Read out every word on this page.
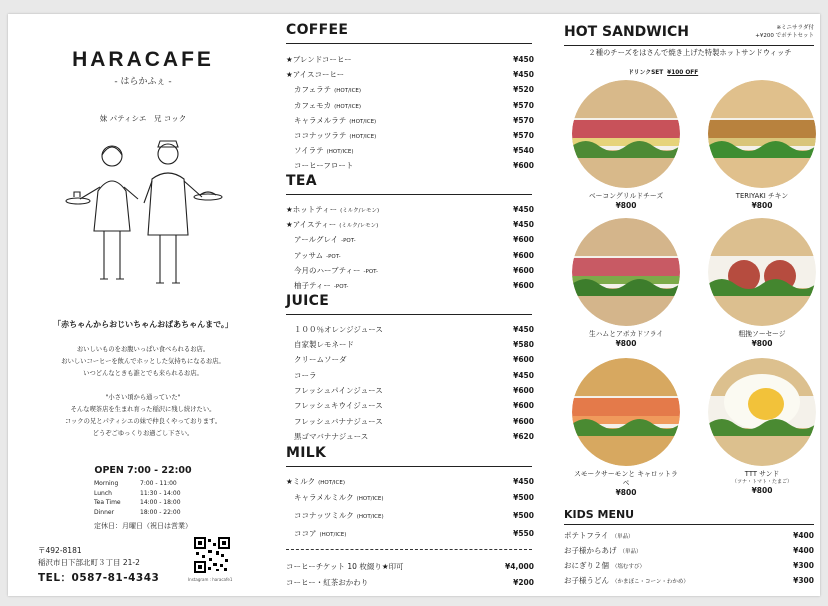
HARACAFE
- はらかふぇ -
妹 パティシエ　兄 コック
「赤ちゃんからおじいちゃんおばあちゃんまで。」
おいしいものをお腹いっぱい食べられるお店。
おいしいコーヒーを飲んでホッとした気持ちになるお店。
いつどんなときも誰とでも来られるお店。
"小さい頃から通っていた"
そんな喫茶店を生まれ育った稲沢に残し続けたい。
コックの兄とパティシエの妹で仲良くやっております。
どうぞごゆっくりお過ごし下さい。
OPEN 7:00 - 22:00
Morning	7:00 - 11:00
Lunch	11:30 - 14:00
Tea Time	14:00 - 18:00
Dinner	18:00 - 22:00
定休日：月曜日（祝日は営業）
〒492-8181
稲沢市日下部北町３丁目 21-2
TEL：0587-81-4343	Instagram : haracafe1
COFFEE
★ブレンドコーヒー	¥450
★アイスコーヒー	¥450
カフェラテ (HOT/ICE)	¥520
カフェモカ (HOT/ICE)	¥570
キャラメルラテ (HOT/ICE)	¥570
ココナッツラテ (HOT/ICE)	¥570
ソイラテ (HOT/ICE)	¥540
コーヒーフロート	¥600
TEA
★ホットティー (ミルク/レモン)	¥450
★アイスティー (ミルク/レモン)	¥450
アールグレイ -POT-	¥600
アッサム -POT-	¥600
今月のハーブティー -POT-	¥600
柚子ティー -POT-	¥600
JUICE
１００％オレンジジュース	¥450
自家製レモネード	¥580
クリームソーダ	¥600
コーラ	¥450
フレッシュパインジュース	¥600
フレッシュキウイジュース	¥600
フレッシュバナナジュース	¥600
黒ゴマバナナジュース	¥620
MILK
★ミルク (HOT/ICE)	¥450
キャラメルミルク (HOT/ICE)	¥500
ココナッツミルク (HOT/ICE)	¥500
ココア (HOT/ICE)	¥550
コーヒーチケット 10 枚綴り★印可	¥4,000
コーヒー・紅茶おかわり	¥200
HOT SANDWICH	※ミニサラダ付
+¥200 でポテトセット
２種のチーズをはさんで焼き上げた特製ホットサンドウィッチ
ドリンクSET ¥100 OFF
ベーコングリルドチーズ
¥800
TERIYAKI チキン
¥800
生ハムとアボカドフライ
¥800
粗挽ソーセージ
¥800
スモークサーモンと キャロットラペ
¥800
TTT サンド
（ツナ・トマト・たまご）
¥800
KIDS MENU
ポテトフライ （単品）	¥400
お子様からあげ （単品）	¥400
おにぎり２個 （塩むすび）	¥300
お子様うどん （かまぼこ・コーン・わかめ）	¥300
